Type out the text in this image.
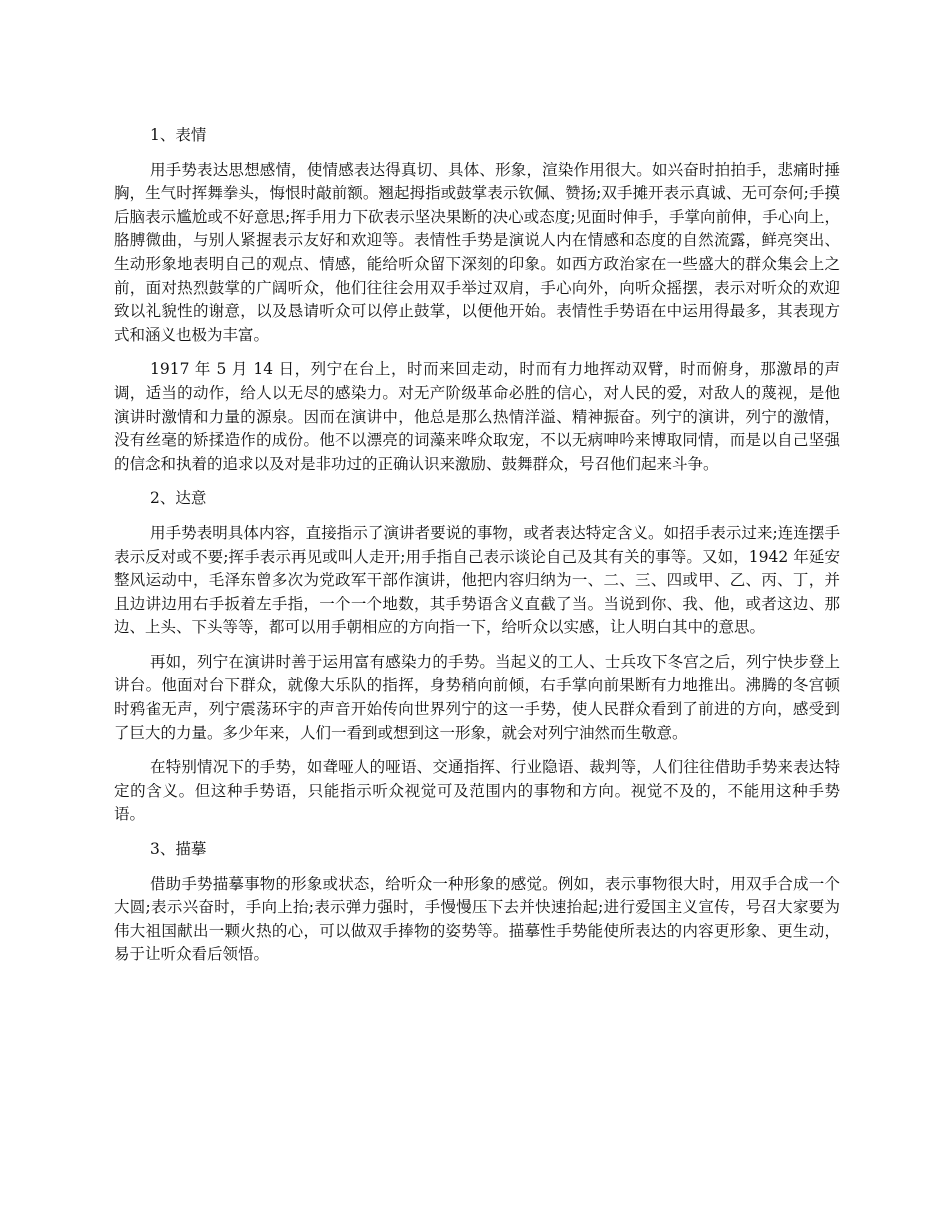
1、表情

用手势表达思想感情，使情感表达得真切、具体、形象，渲染作用很大。如兴奋时拍拍手，悲痛时捶胸，生气时挥舞拳头，悔恨时敲前额。翘起拇指或鼓掌表示钦佩、赞扬;双手摊开表示真诚、无可奈何;手摸后脑表示尴尬或不好意思;挥手用力下砍表示坚决果断的决心或态度;见面时伸手，手掌向前伸，手心向上，胳膊微曲，与别人紧握表示友好和欢迎等。表情性手势是演说人内在情感和态度的自然流露，鲜亮突出、生动形象地表明自己的观点、情感，能给听众留下深刻的印象。如西方政治家在一些盛大的群众集会上之前，面对热烈鼓掌的广阔听众，他们往往会用双手举过双肩，手心向外，向听众摇摆，表示对听众的欢迎致以礼貌性的谢意，以及恳请听众可以停止鼓掌，以便他开始。表情性手势语在中运用得最多，其表现方式和涵义也极为丰富。

1917 年 5 月 14 日，列宁在台上，时而来回走动，时而有力地挥动双臂，时而俯身，那激昂的声调，适当的动作，给人以无尽的感染力。对无产阶级革命必胜的信心，对人民的爱，对敌人的蔑视，是他演讲时激情和力量的源泉。因而在演讲中，他总是那么热情洋溢、精神振奋。列宁的演讲，列宁的激情，没有丝毫的矫揉造作的成份。他不以漂亮的词藻来哗众取宠，不以无病呻吟来博取同情，而是以自己坚强的信念和执着的追求以及对是非功过的正确认识来激励、鼓舞群众，号召他们起来斗争。

2、达意

用手势表明具体内容，直接指示了演讲者要说的事物，或者表达特定含义。如招手表示过来;连连摆手表示反对或不要;挥手表示再见或叫人走开;用手指自己表示谈论自己及其有关的事等。又如，1942 年延安整风运动中，毛泽东曾多次为党政军干部作演讲，他把内容归纳为一、二、三、四或甲、乙、丙、丁，并且边讲边用右手扳着左手指，一个一个地数，其手势语含义直截了当。当说到你、我、他，或者这边、那边、上头、下头等等，都可以用手朝相应的方向指一下，给听众以实感，让人明白其中的意思。

再如，列宁在演讲时善于运用富有感染力的手势。当起义的工人、士兵攻下冬宫之后，列宁快步登上讲台。他面对台下群众，就像大乐队的指挥，身势稍向前倾，右手掌向前果断有力地推出。沸腾的冬宫顿时鸦雀无声，列宁震荡环宇的声音开始传向世界列宁的这一手势，使人民群众看到了前进的方向，感受到了巨大的力量。多少年来，人们一看到或想到这一形象，就会对列宁油然而生敬意。

在特别情况下的手势，如聋哑人的哑语、交通指挥、行业隐语、裁判等，人们往往借助手势来表达特定的含义。但这种手势语，只能指示听众视觉可及范围内的事物和方向。视觉不及的，不能用这种手势语。

3、描摹

借助手势描摹事物的形象或状态，给听众一种形象的感觉。例如，表示事物很大时，用双手合成一个大圆;表示兴奋时，手向上抬;表示弹力强时，手慢慢压下去并快速抬起;进行爱国主义宣传，号召大家要为伟大祖国献出一颗火热的心，可以做双手捧物的姿势等。描摹性手势能使所表达的内容更形象、更生动，易于让听众看后领悟。
